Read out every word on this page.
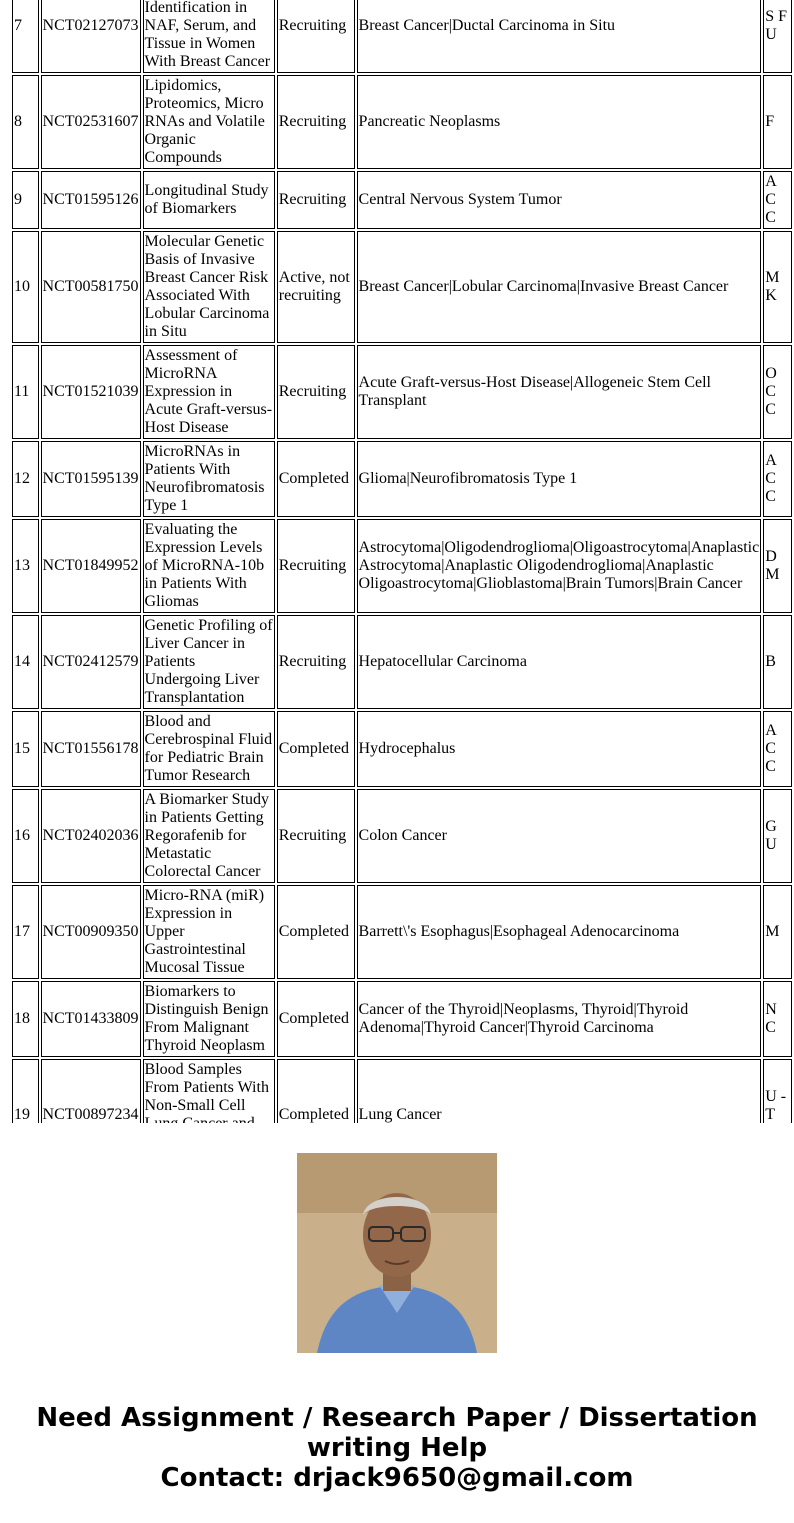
7	NCT02127073	Identification in NAF, Serum, and Tissue in Women With Breast Cancer	Recruiting	Breast Cancer|Ductal Carcinoma in Situ	S F U
8	NCT02531607	Lipidomics, Proteomics, Micro RNAs and Volatile Organic Compounds	Recruiting	Pancreatic Neoplasms	F
9	NCT01595126	Longitudinal Study of Biomarkers	Recruiting	Central Nervous System Tumor	A C C
10	NCT00581750	Molecular Genetic Basis of Invasive Breast Cancer Risk Associated With Lobular Carcinoma in Situ	Active, not recruiting	Breast Cancer|Lobular Carcinoma|Invasive Breast Cancer	M K
11	NCT01521039	Assessment of MicroRNA Expression in Acute Graft-versus-Host Disease	Recruiting	Acute Graft-versus-Host Disease|Allogeneic Stem Cell Transplant	O C C
12	NCT01595139	MicroRNAs in Patients With Neurofibromatosis Type 1	Completed	Glioma|Neurofibromatosis Type 1	A C C
13	NCT01849952	Evaluating the Expression Levels of MicroRNA-10b in Patients With Gliomas	Recruiting	Astrocytoma|Oligodendroglioma|Oligoastrocytoma|Anaplastic Astrocytoma|Anaplastic Oligodendroglioma|Anaplastic Oligoastrocytoma|Glioblastoma|Brain Tumors|Brain Cancer	D M
14	NCT02412579	Genetic Profiling of Liver Cancer in Patients Undergoing Liver Transplantation	Recruiting	Hepatocellular Carcinoma	B
15	NCT01556178	Blood and Cerebrospinal Fluid for Pediatric Brain Tumor Research	Completed	Hydrocephalus	A C C
16	NCT02402036	A Biomarker Study in Patients Getting Regorafenib for Metastatic Colorectal Cancer	Recruiting	Colon Cancer	G U
17	NCT00909350	Micro-RNA (miR) Expression in Upper Gastrointestinal Mucosal Tissue	Completed	Barrett\'s Esophagus|Esophageal Adenocarcinoma	M
18	NCT01433809	Biomarkers to Distinguish Benign From Malignant Thyroid Neoplasm	Completed	Cancer of the Thyroid|Neoplasms, Thyroid|Thyroid Adenoma|Thyroid Cancer|Thyroid Carcinoma	N C
19	NCT00897234	Blood Samples From Patients With Non-Small Cell	Completed	Lung Cancer	U - T

Need Assignment / Research Paper / Dissertation
writing Help
Contact: drjack9650@gmail.com
